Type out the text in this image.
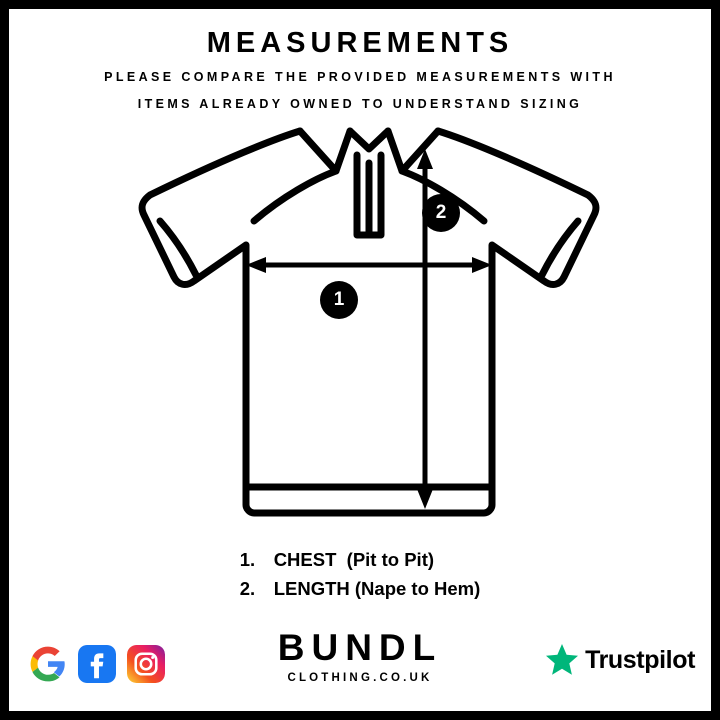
MEASUREMENTS
PLEASE COMPARE THE PROVIDED MEASUREMENTS WITH
ITEMS ALREADY OWNED TO UNDERSTAND SIZING
1
2
1. CHEST (Pit to Pit)
2. LENGTH (Nape to Hem)
BUNDL
CLOTHING.CO.UK
Trustpilot
